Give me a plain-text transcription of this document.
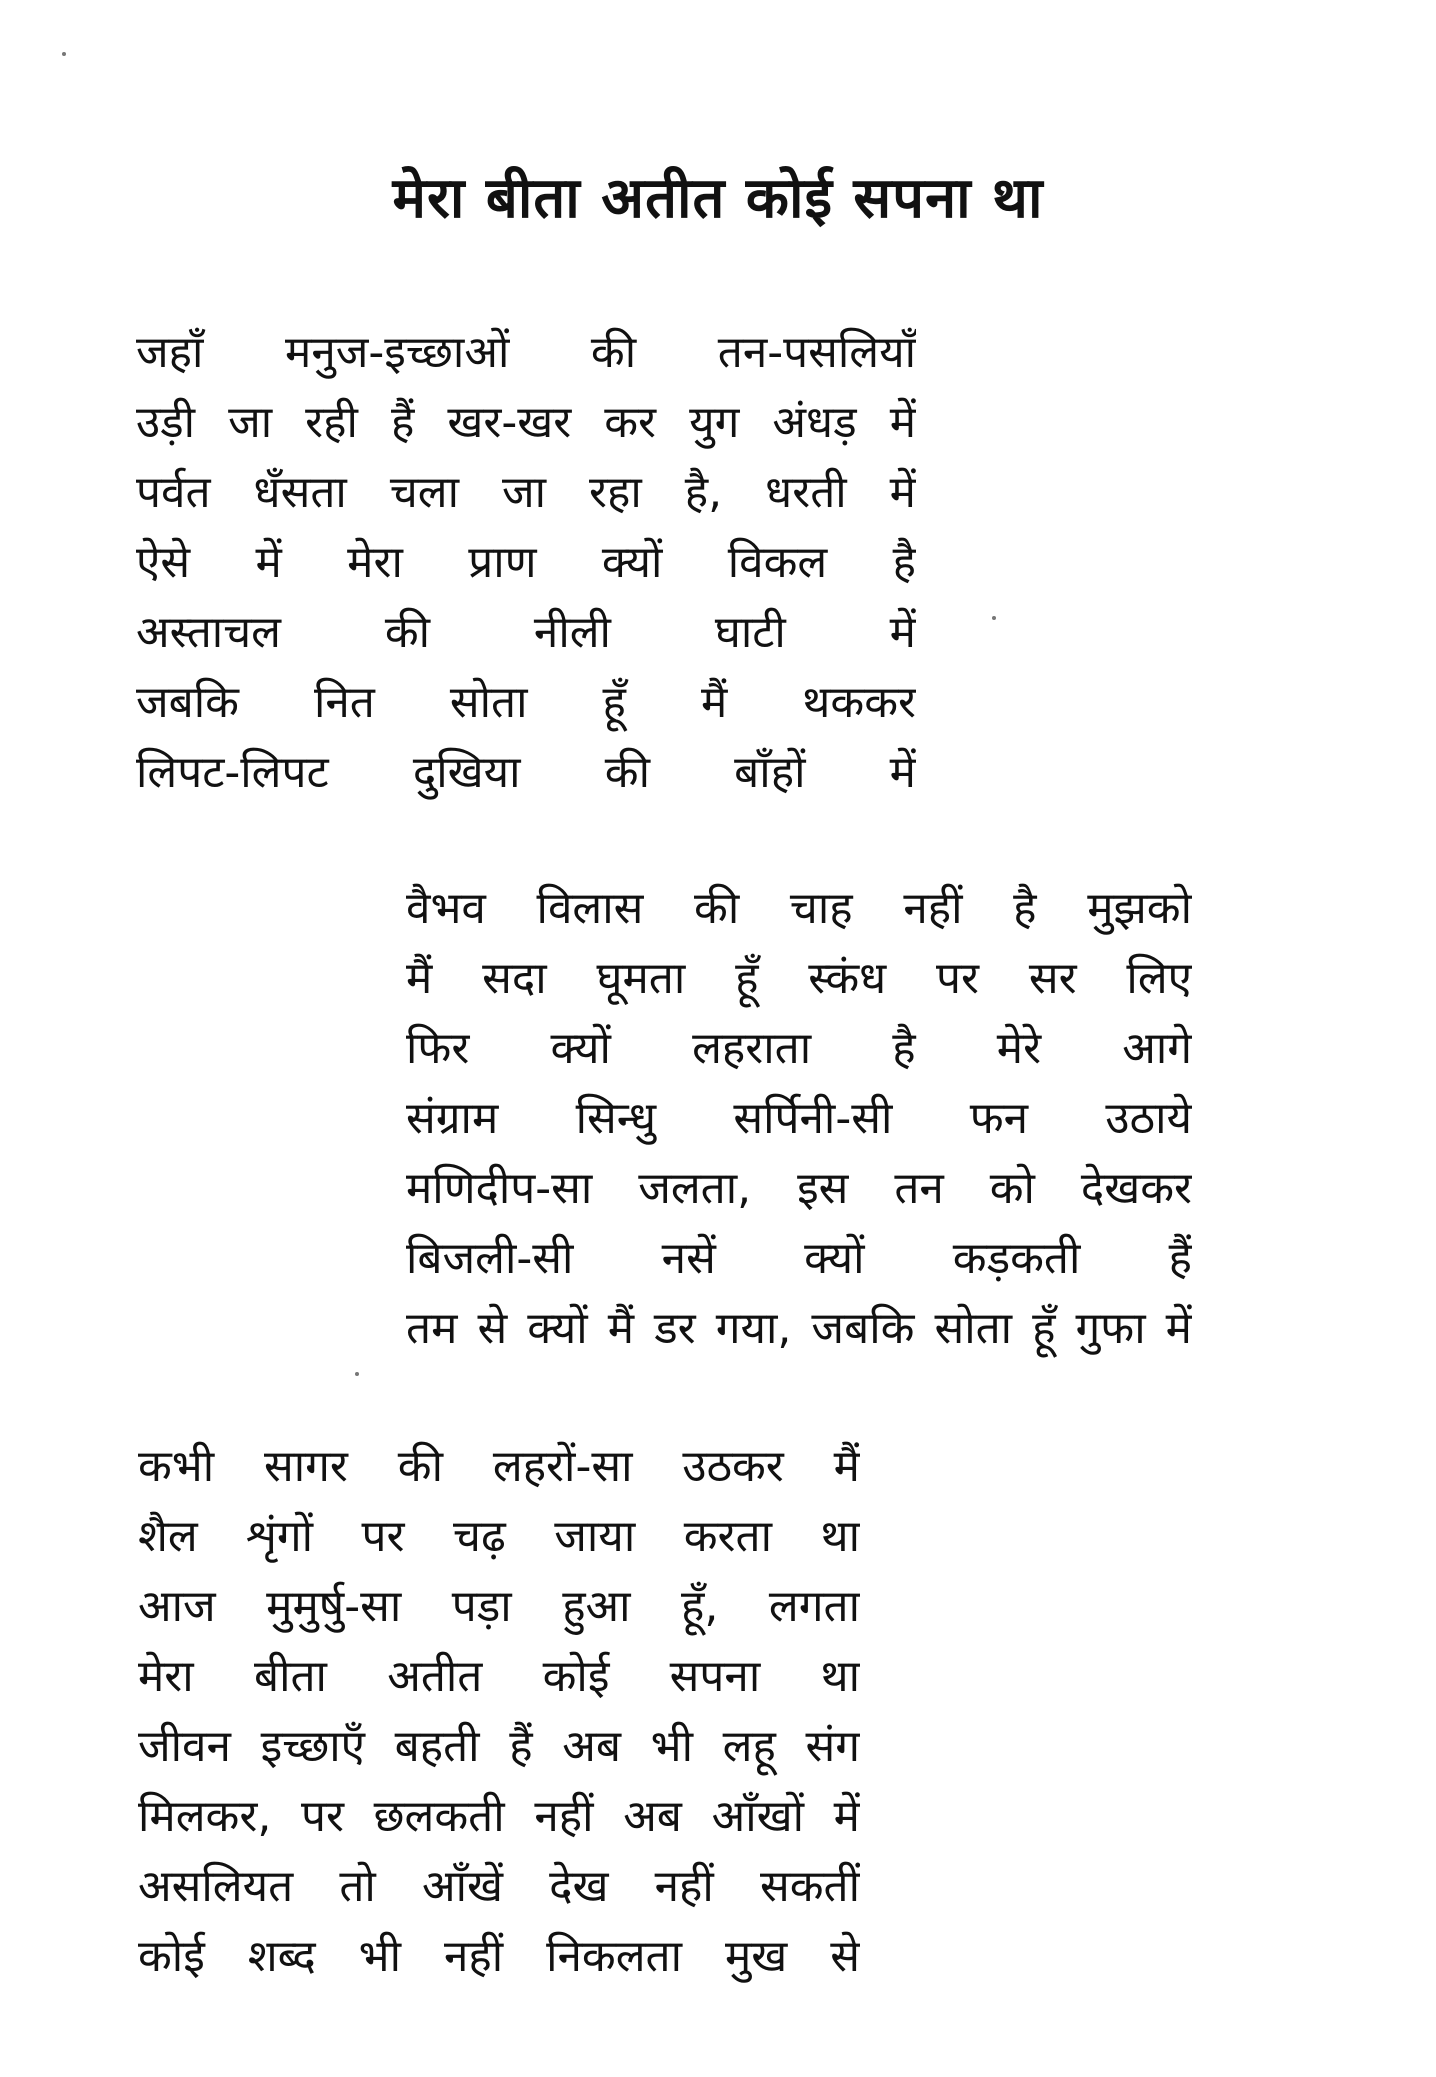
मेरा बीता अतीत कोई सपना था
जहाँ मनुज-इच्छाओं की तन-पसलियाँ
उड़ी जा रही हैं खर-खर कर युग अंधड़ में
पर्वत धँसता चला जा रहा है, धरती में
ऐसे में मेरा प्राण क्यों विकल है
अस्ताचल की नीली घाटी में
जबकि नित सोता हूँ मैं थककर
लिपट-लिपट दुखिया की बाँहों में
वैभव विलास की चाह नहीं है मुझको
मैं सदा घूमता हूँ स्कंध पर सर लिए
फिर क्यों लहराता है मेरे आगे
संग्राम सिन्धु सर्पिनी-सी फन उठाये
मणिदीप-सा जलता, इस तन को देखकर
बिजली-सी नसें क्यों कड़कती हैं
तम से क्यों मैं डर गया, जबकि सोता हूँ गुफा में
कभी सागर की लहरों-सा उठकर मैं
शैल शृंगों पर चढ़ जाया करता था
आज मुमुर्षु-सा पड़ा हुआ हूँ, लगता
मेरा बीता अतीत कोई सपना था
जीवन इच्छाएँ बहती हैं अब भी लहू संग
मिलकर, पर छलकती नहीं अब आँखों में
असलियत तो आँखें देख नहीं सकतीं
कोई शब्द भी नहीं निकलता मुख से
